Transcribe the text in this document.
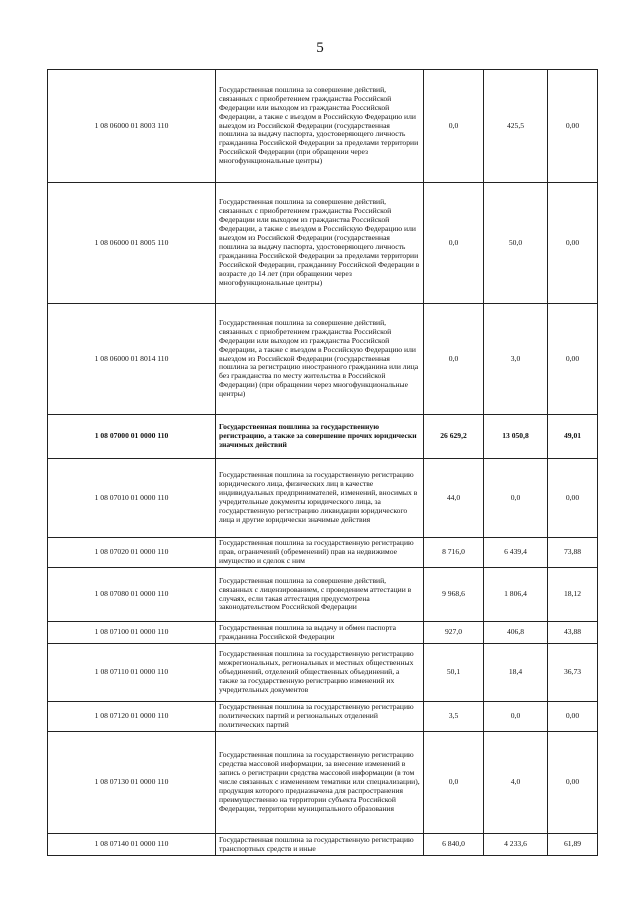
5
1 08 06000 01 8003 110	Государственная пошлина за совершение действий, связанных с приобретением гражданства Российской Федерации или выходом из гражданства Российской Федерации, а также с въездом в Российскую Федерацию или выездом из Российской Федерации (государственная пошлина за выдачу паспорта, удостоверяющего личность гражданина Российской Федерации за пределами территории Российской Федерации (при обращении через многофункциональные центры)	0,0	425,5	0,00
1 08 06000 01 8005 110	Государственная пошлина за совершение действий, связанных с приобретением гражданства Российской Федерации или выходом из гражданства Российской Федерации, а также с въездом в Российскую Федерацию или выездом из Российской Федерации (государственная пошлина за выдачу паспорта, удостоверяющего личность гражданина Российской Федерации за пределами территории Российской Федерации, гражданину Российской Федерации в возрасте до 14 лет (при обращении через многофункциональные центры)	0,0	50,0	0,00
1 08 06000 01 8014 110	Государственная пошлина за совершение действий, связанных с приобретением гражданства Российской Федерации или выходом из гражданства Российской Федерации, а также с въездом в Российскую Федерацию или выездом из Российской Федерации (государственная пошлина за регистрацию иностранного гражданина или лица без гражданства по месту жительства в Российской Федерации) (при обращении через многофункциональные центры)	0,0	3,0	0,00
1 08 07000 01 0000 110	Государственная пошлина за государственную регистрацию, а также за совершение прочих юридически значимых действий	26 629,2	13 050,8	49,01
1 08 07010 01 0000 110	Государственная пошлина за государственную регистрацию юридического лица, физических лиц в качестве индивидуальных предпринимателей, изменений, вносимых в учредительные документы юридического лица, за государственную регистрацию ликвидации юридического лица и другие юридически значимые действия	44,0	0,0	0,00
1 08 07020 01 0000 110	Государственная пошлина за государственную регистрацию прав, ограничений (обременений) прав на недвижимое имущество и сделок с ним	8 716,0	6 439,4	73,88
1 08 07080 01 0000 110	Государственная пошлина за совершение действий, связанных с лицензированием, с проведением аттестации в случаях, если такая аттестация предусмотрена законодательством Российской Федерации	9 968,6	1 806,4	18,12
1 08 07100 01 0000 110	Государственная пошлина за выдачу и обмен паспорта гражданина Российской Федерации	927,0	406,8	43,88
1 08 07110 01 0000 110	Государственная пошлина за государственную регистрацию межрегиональных, региональных и местных общественных объединений, отделений общественных объединений, а также за государственную регистрацию изменений их учредительных документов	50,1	18,4	36,73
1 08 07120 01 0000 110	Государственная пошлина за государственную регистрацию политических партий и региональных отделений политических партий	3,5	0,0	0,00
1 08 07130 01 0000 110	Государственная пошлина за государственную регистрацию средства массовой информации, за внесение изменений в запись о регистрации средства массовой информации (в том числе связанных с изменением тематики или специализации), продукция которого предназначена для распространения преимущественно на территории субъекта Российской Федерации, территории муниципального образования	0,0	4,0	0,00
1 08 07140 01 0000 110	Государственная пошлина за государственную регистрацию транспортных средств и иные	6 840,0	4 233,6	61,89
